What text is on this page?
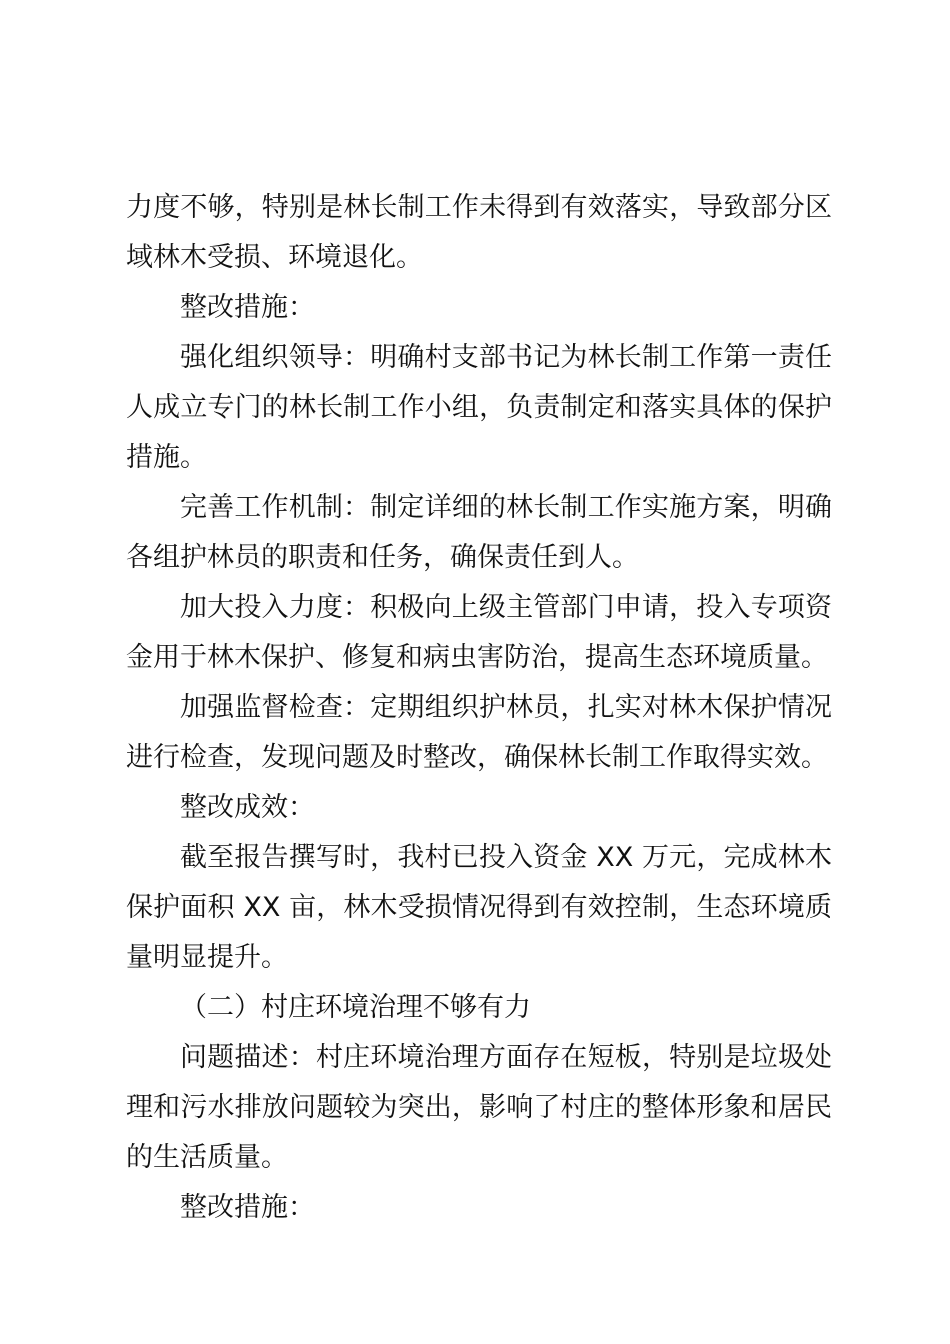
力度不够，特别是林长制工作未得到有效落实，导致部分区域林木受损、环境退化。

整改措施：

强化组织领导：明确村支部书记为林长制工作第一责任人成立专门的林长制工作小组，负责制定和落实具体的保护措施。

完善工作机制：制定详细的林长制工作实施方案，明确各组护林员的职责和任务，确保责任到人。

加大投入力度：积极向上级主管部门申请，投入专项资金用于林木保护、修复和病虫害防治，提高生态环境质量。

加强监督检查：定期组织护林员，扎实对林木保护情况进行检查，发现问题及时整改，确保林长制工作取得实效。

整改成效：

截至报告撰写时，我村已投入资金 XX 万元，完成林木保护面积 XX 亩，林木受损情况得到有效控制，生态环境质量明显提升。

（二）村庄环境治理不够有力

问题描述：村庄环境治理方面存在短板，特别是垃圾处理和污水排放问题较为突出，影响了村庄的整体形象和居民的生活质量。

整改措施：
